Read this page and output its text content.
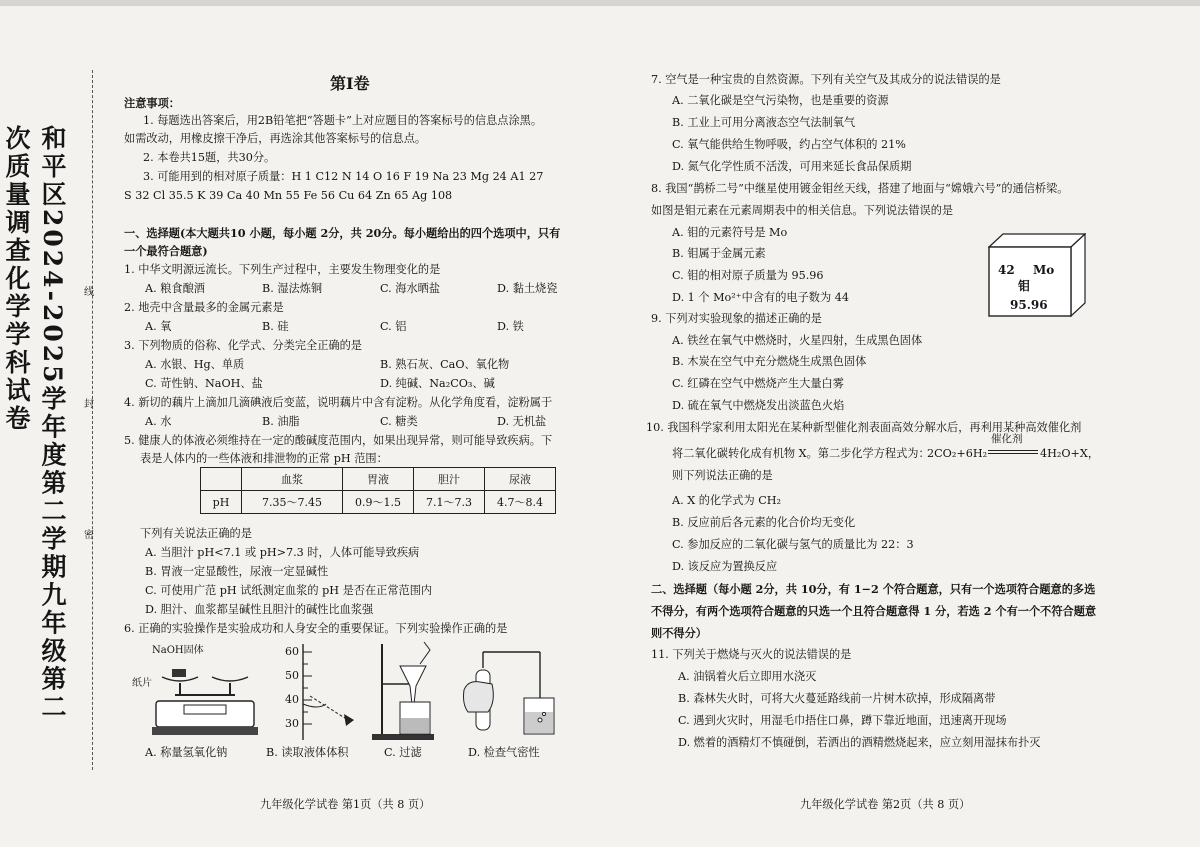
和平区2024-2025学年度第二学期九年级第二次质量调查化学学科试卷	线
封
密
第Ⅰ卷
注意事项：
1. 每题选出答案后，用2B铅笔把“答题卡”上对应题目的答案标号的信息点涂黑。
如需改动，用橡皮擦干净后，再选涂其他答案标号的信息点。
2. 本卷共15题，共30分。
3. 可能用到的相对原子质量：H 1 C12 N 14 O 16 F 19 Na 23 Mg 24 A1 27
S 32 Cl 35.5 K 39 Ca 40 Mn 55 Fe 56 Cu 64 Zn 65 Ag 108
一、选择题(本大题共10 小题，每小题 2分，共 20分。每小题给出的四个选项中，只有
一个最符合题意)
1. 中华文明源远流长。下列生产过程中，主要发生物理变化的是
A. 粮食酿酒	B. 湿法炼铜	C. 海水晒盐	D. 黏土烧瓷
2. 地壳中含量最多的金属元素是
A. 氧	B. 硅	C. 铝	D. 铁
3. 下列物质的俗称、化学式、分类完全正确的是
A. 水银、Hg、单质	B. 熟石灰、CaO、氧化物
C. 苛性钠、NaOH、盐	D. 纯碱、Na₂CO₃、碱
4. 新切的藕片上滴加几滴碘液后变蓝，说明藕片中含有淀粉。从化学角度看，淀粉属于
A. 水	B. 油脂	C. 糖类	D. 无机盐
5. 健康人的体液必须维持在一定的酸碱度范围内，如果出现异常，则可能导致疾病。下
表是人体内的一些体液和排泄物的正常 pH 范围：
	血浆	胃液	胆汁	尿液
pH	7.35～7.45	0.9～1.5	7.1～7.3	4.7～8.4
下列有关说法正确的是
A. 当胆汁 pH<7.1 或 pH>7.3 时，人体可能导致疾病
B. 胃液一定显酸性，尿液一定显碱性
C. 可使用广范 pH 试纸测定血浆的 pH 是否在正常范围内
D. 胆汁、血浆都呈碱性且胆汁的碱性比血浆强
6. 正确的实验操作是实验成功和人身安全的重要保证。下列实验操作正确的是
NaOH固体
纸片
60
50
40
30
A. 称量氢氧化钠	B. 读取液体体积	C. 过滤	D. 检查气密性
九年级化学试卷 第1页（共 8 页）
7. 空气是一种宝贵的自然资源。下列有关空气及其成分的说法错误的是
A. 二氧化碳是空气污染物，也是重要的资源
B. 工业上可用分离液态空气法制氧气
C. 氧气能供给生物呼吸，约占空气体积的 21%
D. 氮气化学性质不活泼，可用来延长食品保质期
8. 我国“鹊桥二号”中继星使用镀金钼丝天线，搭建了地面与“嫦娥六号”的通信桥梁。
如图是钼元素在元素周期表中的相关信息。下列说法错误的是
A. 钼的元素符号是 Mo
B. 钼属于金属元素
C. 钼的相对原子质量为 95.96
D. 1 个 Mo²⁺中含有的电子数为 44
42 Mo
钼
95.96
9. 下列对实验现象的描述正确的是
A. 铁丝在氧气中燃烧时，火星四射，生成黑色固体
B. 木炭在空气中充分燃烧生成黑色固体
C. 红磷在空气中燃烧产生大量白雾
D. 硫在氧气中燃烧发出淡蓝色火焰
10. 我国科学家利用太阳光在某种新型催化剂表面高效分解水后，再利用某种高效催化剂
将二氧化碳转化成有机物 X。第二步化学方程式为：
2CO₂+6H₂
催化剂
4H₂O+X，
则下列说法正确的是
A. X 的化学式为 CH₂
B. 反应前后各元素的化合价均无变化
C. 参加反应的二氧化碳与氢气的质量比为 22：3
D. 该反应为置换反应
二、选择题（每小题 2分，共 10分，有 1−2 个符合题意，只有一个选项符合题意的多选
不得分，有两个选项符合题意的只选一个且符合题意得 1 分，若选 2 个有一个不符合题意
则不得分）
11. 下列关于燃烧与灭火的说法错误的是
A. 油锅着火后立即用水浇灭
B. 森林失火时，可将大火蔓延路线前一片树木砍掉，形成隔离带
C. 遇到火灾时，用湿毛巾捂住口鼻，蹲下靠近地面，迅速离开现场
D. 燃着的酒精灯不慎碰倒，若洒出的酒精燃烧起来，应立刻用湿抹布扑灭
九年级化学试卷 第2页（共 8 页）
